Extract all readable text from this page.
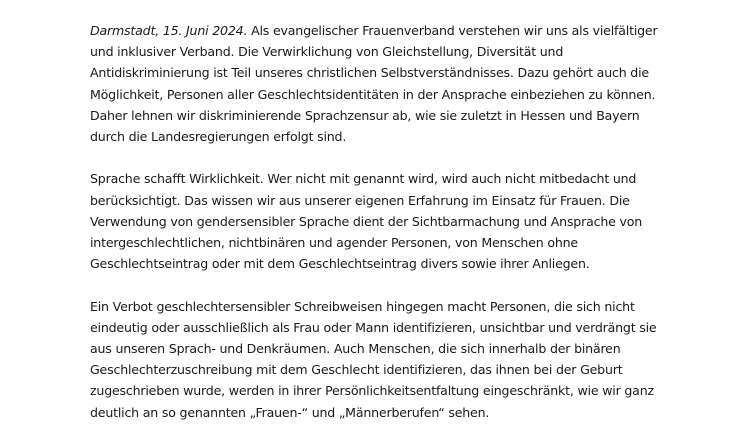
Darmstadt, 15. Juni 2024. Als evangelischer Frauenverband verstehen wir uns als vielfältiger
und inklusiver Verband. Die Verwirklichung von Gleichstellung, Diversität und
Antidiskriminierung ist Teil unseres christlichen Selbstverständnisses. Dazu gehört auch die
Möglichkeit, Personen aller Geschlechtsidentitäten in der Ansprache einbeziehen zu können.
Daher lehnen wir diskriminierende Sprachzensur ab, wie sie zuletzt in Hessen und Bayern
durch die Landesregierungen erfolgt sind.

Sprache schafft Wirklichkeit. Wer nicht mit genannt wird, wird auch nicht mitbedacht und
berücksichtigt. Das wissen wir aus unserer eigenen Erfahrung im Einsatz für Frauen. Die
Verwendung von gendersensibler Sprache dient der Sichtbarmachung und Ansprache von
intergeschlechtlichen, nichtbinären und agender Personen, von Menschen ohne
Geschlechtseintrag oder mit dem Geschlechtseintrag divers sowie ihrer Anliegen.

Ein Verbot geschlechtersensibler Schreibweisen hingegen macht Personen, die sich nicht
eindeutig oder ausschließlich als Frau oder Mann identifizieren, unsichtbar und verdrängt sie
aus unseren Sprach- und Denkräumen. Auch Menschen, die sich innerhalb der binären
Geschlechterzuschreibung mit dem Geschlecht identifizieren, das ihnen bei der Geburt
zugeschrieben wurde, werden in ihrer Persönlichkeitsentfaltung eingeschränkt, wie wir ganz
deutlich an so genannten „Frauen-“ und „Männerberufen“ sehen.
